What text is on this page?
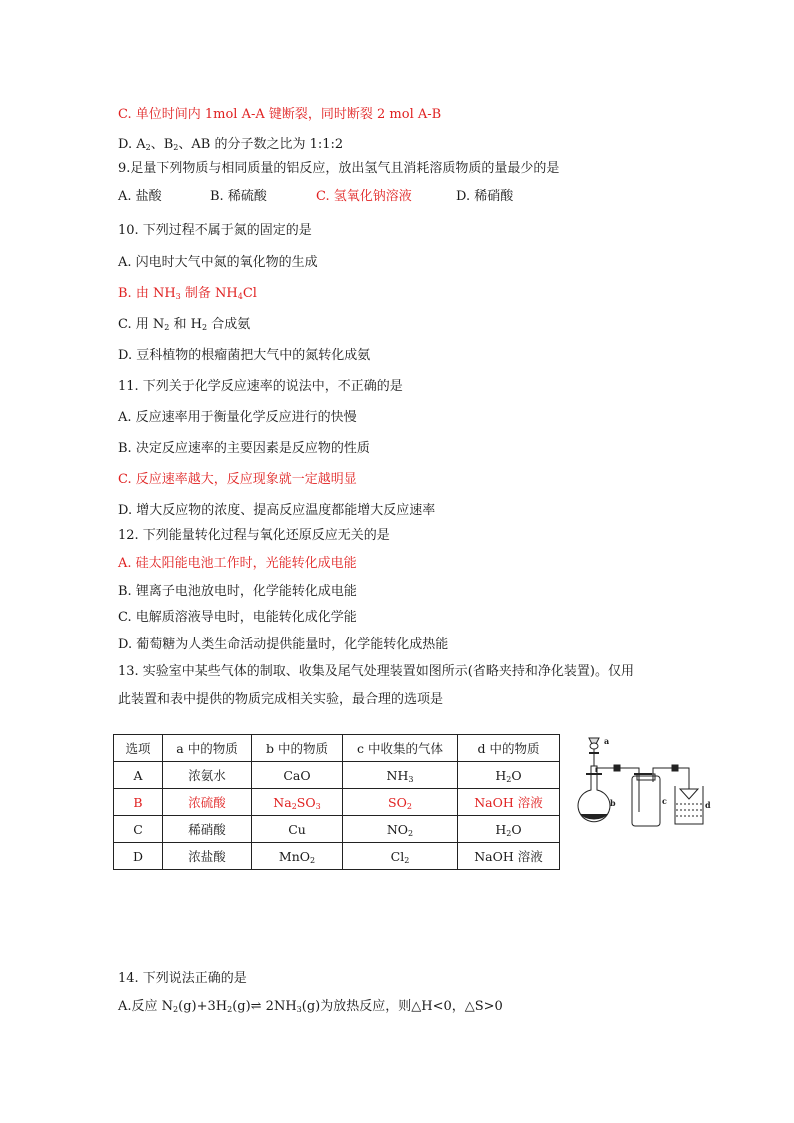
C. 单位时间内 1mol A-A 键断裂，同时断裂 2 mol A-B
D. $A_2$、$B_2$、AB 的分子数之比为 1:1:2
9.足量下列物质与相同质量的铝反应，放出氢气且消耗溶质物质的量最少的是
A. 盐酸	B. 稀硫酸	C. 氢氧化钠溶液	D. 稀硝酸
10. 下列过程不属于氮的固定的是
A. 闪电时大气中氮的氧化物的生成
B. 由 $NH_3$ 制备 $NH_4Cl$
C. 用 $N_2$ 和 $H_2$ 合成氨
D. 豆科植物的根瘤菌把大气中的氮转化成氨
11. 下列关于化学反应速率的说法中，不正确的是
A. 反应速率用于衡量化学反应进行的快慢
B. 决定反应速率的主要因素是反应物的性质
C. 反应速率越大，反应现象就一定越明显
D. 增大反应物的浓度、提高反应温度都能增大反应速率
12. 下列能量转化过程与氧化还原反应无关的是
A. 硅太阳能电池工作时，光能转化成电能
B. 锂离子电池放电时，化学能转化成电能
C. 电解质溶液导电时，电能转化成化学能
D. 葡萄糖为人类生命活动提供能量时，化学能转化成热能
13. 实验室中某些气体的制取、收集及尾气处理装置如图所示(省略夹持和净化装置)。仅用
此装置和表中提供的物质完成相关实验，最合理的选项是
选项	a 中的物质	b 中的物质	c 中收集的气体	d 中的物质
A	浓氨水	CaO	$NH_3$	$H_2O$
B	浓硫酸	$Na_2SO_3$	$SO_2$	NaOH 溶液
C	稀硝酸	Cu	$NO_2$	$H_2O$
D	浓盐酸	MnO$_2$	$Cl_2$	NaOH 溶液
a
b	c	d
14. 下列说法正确的是
A.反应 $N_2(g)+3H_2(g)\rightleftharpoons$ $2NH_3(g)$为放热反应，则△H<0，△S>0
